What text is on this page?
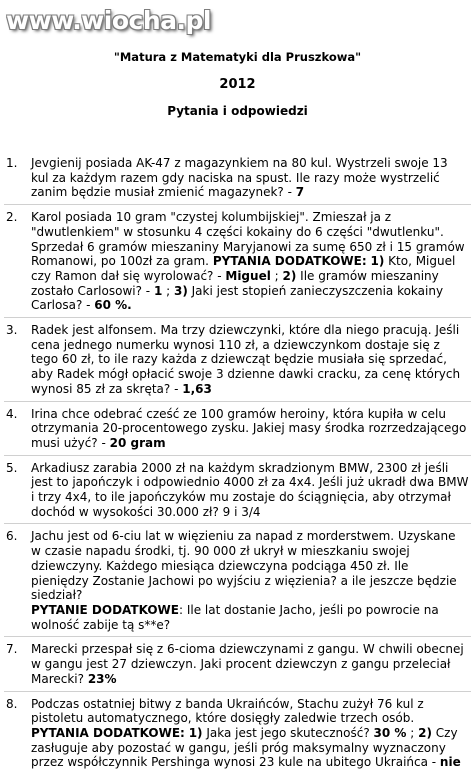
www.wiocha.pl
"Matura z Matematyki dla Pruszkowa"
2012
Pytania i odpowiedzi
1. Jevgienij posiada AK-47 z magazynkiem na 80 kul. Wystrzeli swoje 13 kul za każdym razem gdy naciska na spust. Ile razy może wystrzelić zanim będzie musiał zmienić magazynek? - 7
2. Karol posiada 10 gram "czystej kolumbijskiej". Zmieszał ja z "dwutlenkiem" w stosunku 4 części kokainy do 6 części "dwutlenku". Sprzedał 6 gramów mieszaniny Maryjanowi za sumę 650 zł i 15 gramów Romanowi, po 100zł za gram. PYTANIA DODATKOWE: 1) Kto, Miguel czy Ramon dał się wyrolować? - Miguel ; 2) Ile gramów mieszaniny zostało Carlosowi? - 1 ; 3) Jaki jest stopień zanieczyszczenia kokainy Carlosa? - 60 %.
3. Radek jest alfonsem. Ma trzy dziewczynki, które dla niego pracują. Jeśli cena jednego numerku wynosi 110 zł, a dziewczynkom dostaje się z tego 60 zł, to ile razy każda z dziewcząt będzie musiała się sprzedać, aby Radek mógł opłacić swoje 3 dzienne dawki cracku, za cenę których wynosi 85 zł za skręta? - 1,63
4. Irina chce odebrać cześć ze 100 gramów heroiny, która kupiła w celu otrzymania 20-procentowego zysku. Jakiej masy środka rozrzedzającego musi użyć? - 20 gram
5. Arkadiusz zarabia 2000 zł na każdym skradzionym BMW, 2300 zł jeśli jest to japończyk i odpowiednio 4000 zł za 4x4. Jeśli już ukradł dwa BMW i trzy 4x4, to ile japończyków mu zostaje do ściągnięcia, aby otrzymał dochód w wysokości 30.000 zł? 9 i 3/4
6. Jachu jest od 6-ciu lat w więzieniu za napad z morderstwem. Uzyskane w czasie napadu środki, tj. 90 000 zł ukrył w mieszkaniu swojej dziewczyny. Każdego miesiąca dziewczyna podciąga 450 zł. Ile pieniędzy Zostanie Jachowi po wyjściu z więzienia? a ile jeszcze będzie siedział?
PYTANIE DODATKOWE: Ile lat dostanie Jacho, jeśli po powrocie na wolność zabije tą s**e?
7. Marecki przespał się z 6-cioma dziewczynami z gangu. W chwili obecnej w gangu jest 27 dziewczyn. Jaki procent dziewczyn z gangu przeleciał Marecki? 23%
8. Podczas ostatniej bitwy z banda Ukraińców, Stachu zużył 76 kul z pistoletu automatycznego, które dosięgły zaledwie trzech osób.
PYTANIA DODATKOWE: 1) Jaka jest jego skuteczność? 30 % ; 2) Czy zasługuje aby pozostać w gangu, jeśli próg maksymalny wyznaczony przez współczynnik Pershinga wynosi 23 kule na ubitego Ukraińca - nie
